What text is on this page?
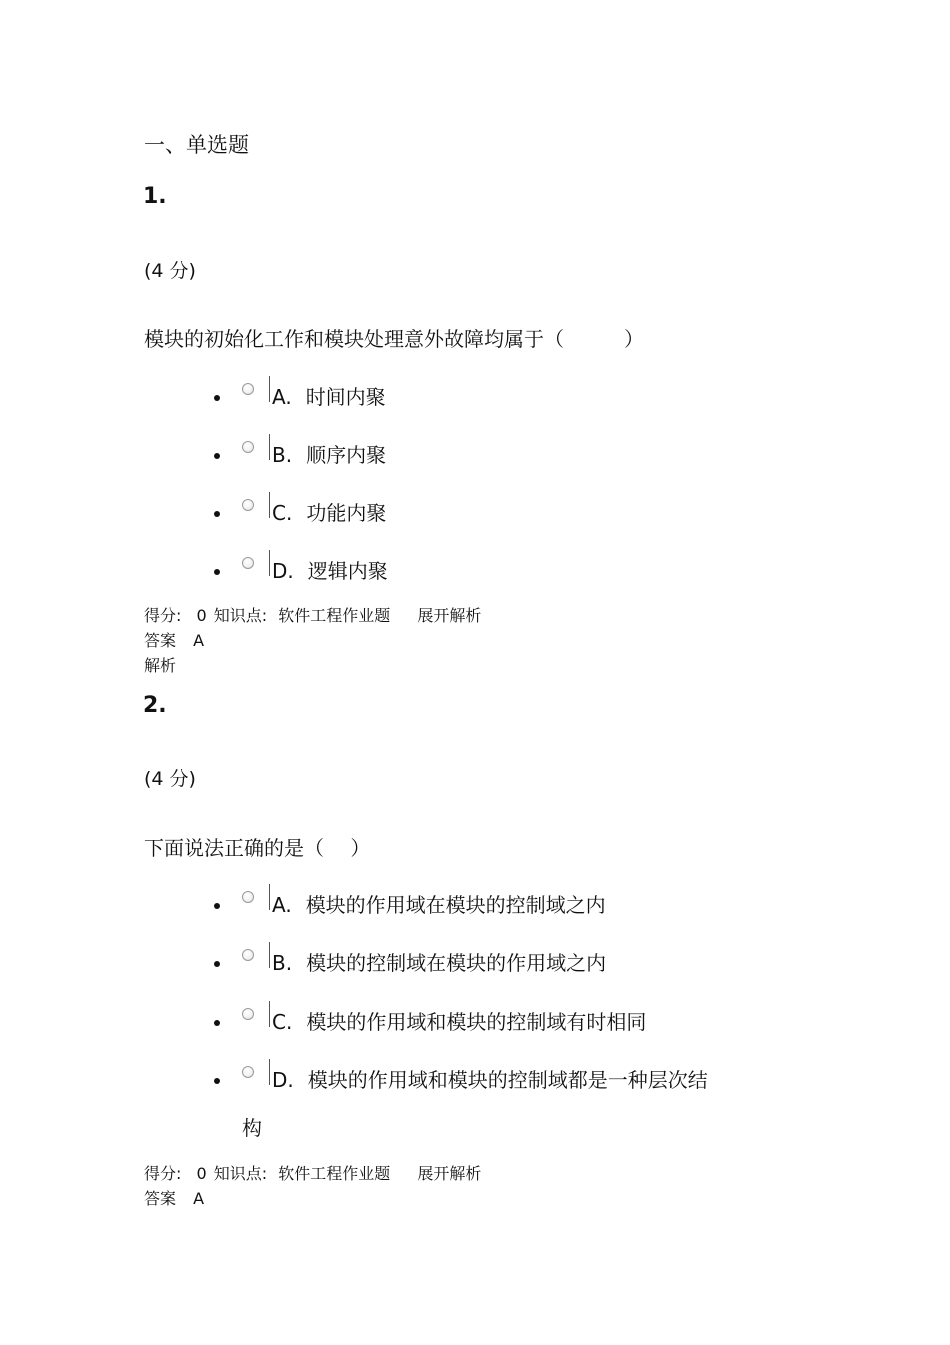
一、单选题
1.
(4 分)
模块的初始化工作和模块处理意外故障均属于（　　　）
A. 时间内聚
B. 顺序内聚
C. 功能内聚
D. 逻辑内聚
得分: 0 知识点: 软件工程作业题 展开解析
答案 A
解析
2.
(4 分)
下面说法正确的是（　 ）
A. 模块的作用域在模块的控制域之内
B. 模块的控制域在模块的作用域之内
C. 模块的作用域和模块的控制域有时相同
D. 模块的作用域和模块的控制域都是一种层次结
构
得分: 0 知识点: 软件工程作业题 展开解析
答案 A
